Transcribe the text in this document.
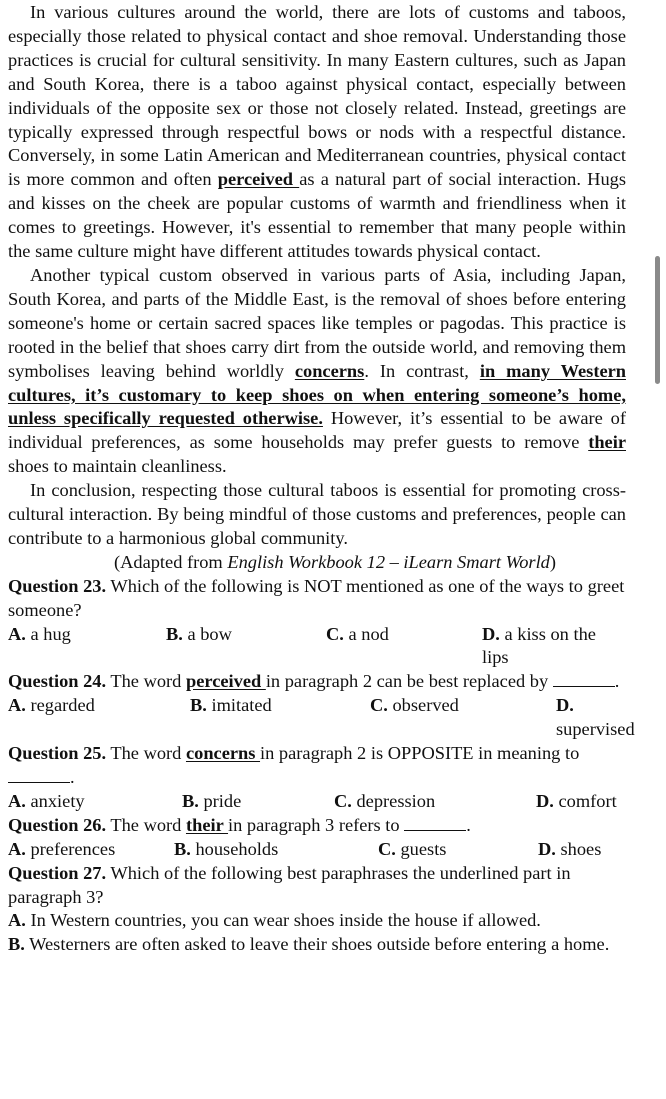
In various cultures around the world, there are lots of customs and taboos, especially those related to physical contact and shoe removal. Understanding those practices is crucial for cultural sensitivity. In many Eastern cultures, such as Japan and South Korea, there is a taboo against physical contact, especially between individuals of the opposite sex or those not closely related. Instead, greetings are typically expressed through respectful bows or nods with a respectful distance. Conversely, in some Latin American and Mediterranean countries, physical contact is more common and often perceived as a natural part of social interaction. Hugs and kisses on the cheek are popular customs of warmth and friendliness when it comes to greetings. However, it's essential to remember that many people within the same culture might have different attitudes towards physical contact.

Another typical custom observed in various parts of Asia, including Japan, South Korea, and parts of the Middle East, is the removal of shoes before entering someone's home or certain sacred spaces like temples or pagodas. This practice is rooted in the belief that shoes carry dirt from the outside world, and removing them symbolises leaving behind worldly concerns. In contrast, in many Western cultures, it’s customary to keep shoes on when entering someone’s home, unless specifically requested otherwise. However, it’s essential to be aware of individual preferences, as some households may prefer guests to remove their shoes to maintain cleanliness.

In conclusion, respecting those cultural taboos is essential for promoting cross-cultural interaction. By being mindful of those customs and preferences, people can contribute to a harmonious global community.

(Adapted from English Workbook 12 – iLearn Smart World)

Question 23. Which of the following is NOT mentioned as one of the ways to greet someone?

A. a hug	B. a bow	C. a nod	D. a kiss on the lips

Question 24. The word perceived in paragraph 2 can be best replaced by	.

A. regarded	B. imitated	C. observed	D. supervised

Question 25. The word concerns in paragraph 2 is OPPOSITE in meaning to .

A. anxiety	B. pride	C. depression	D. comfort

Question 26. The word their in paragraph 3 refers to	.

A. preferences	B. households	C. guests	D. shoes

Question 27. Which of the following best paraphrases the underlined part in paragraph 3?

A. In Western countries, you can wear shoes inside the house if allowed.

B. Westerners are often asked to leave their shoes outside before entering a home.
